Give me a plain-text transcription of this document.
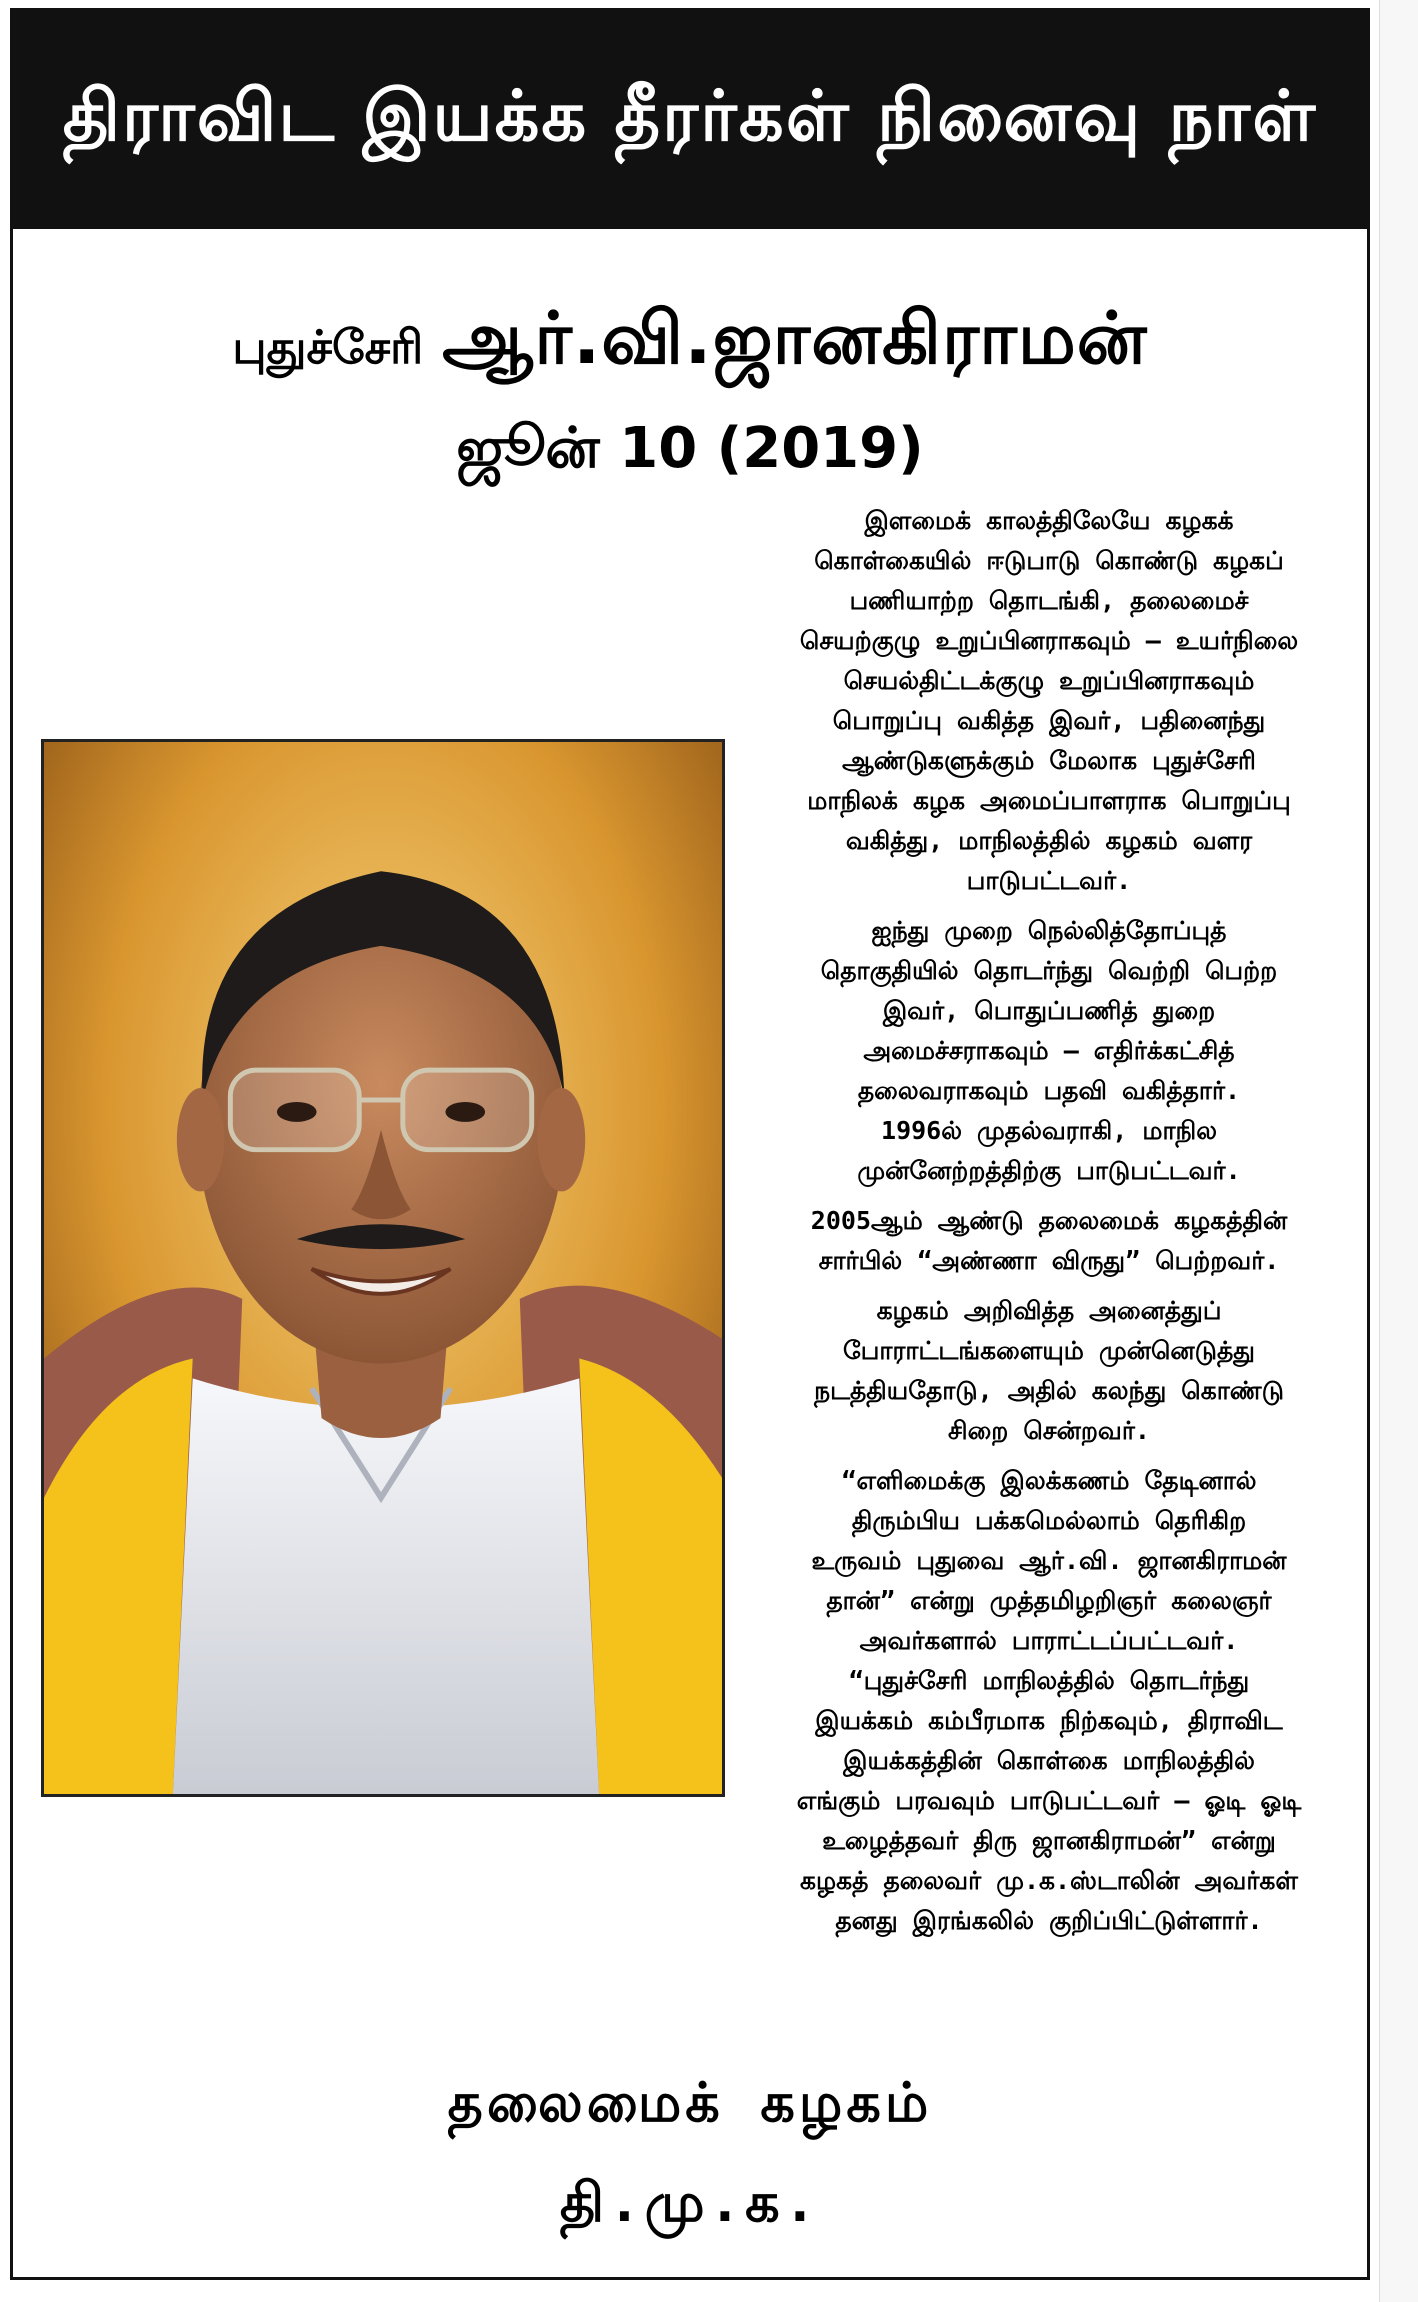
திராவிட இயக்க தீரர்கள் நினைவு நாள்
புதுச்சேரி ஆர்.வி.ஜானகிராமன்
ஜூன் 10 (2019)

இளமைக் காலத்திலேயே கழகக்
கொள்கையில் ஈடுபாடு கொண்டு கழகப்
பணியாற்ற தொடங்கி, தலைமைச்
செயற்குழு உறுப்பினராகவும் – உயர்நிலை
செயல்திட்டக்குழு உறுப்பினராகவும்
பொறுப்பு வகித்த இவர், பதினைந்து
ஆண்டுகளுக்கும் மேலாக புதுச்சேரி
மாநிலக் கழக அமைப்பாளராக பொறுப்பு
வகித்து, மாநிலத்தில் கழகம் வளர
பாடுபட்டவர்.

ஐந்து முறை நெல்லித்தோப்புத்
தொகுதியில் தொடர்ந்து வெற்றி பெற்ற
இவர், பொதுப்பணித் துறை
அமைச்சராகவும் – எதிர்க்கட்சித்
தலைவராகவும் பதவி வகித்தார்.
1996ல் முதல்வராகி, மாநில
முன்னேற்றத்திற்கு பாடுபட்டவர்.

2005ஆம் ஆண்டு தலைமைக் கழகத்தின்
சார்பில் “அண்ணா விருது” பெற்றவர்.

கழகம் அறிவித்த அனைத்துப்
போராட்டங்களையும் முன்னெடுத்து
நடத்தியதோடு, அதில் கலந்து கொண்டு
சிறை சென்றவர்.

“எளிமைக்கு இலக்கணம் தேடினால்
திரும்பிய பக்கமெல்லாம் தெரிகிற
உருவம் புதுவை ஆர்.வி. ஜானகிராமன்
தான்” என்று முத்தமிழறிஞர் கலைஞர்
அவர்களால் பாராட்டப்பட்டவர்.
“புதுச்சேரி மாநிலத்தில் தொடர்ந்து
இயக்கம் கம்பீரமாக நிற்கவும், திராவிட
இயக்கத்தின் கொள்கை மாநிலத்தில்
எங்கும் பரவவும் பாடுபட்டவர் – ஓடி ஓடி
உழைத்தவர் திரு ஜானகிராமன்” என்று
கழகத் தலைவர் மு.க.ஸ்டாலின் அவர்கள்
தனது இரங்கலில் குறிப்பிட்டுள்ளார்.

தலைமைக் கழகம்
தி.மு.க.
